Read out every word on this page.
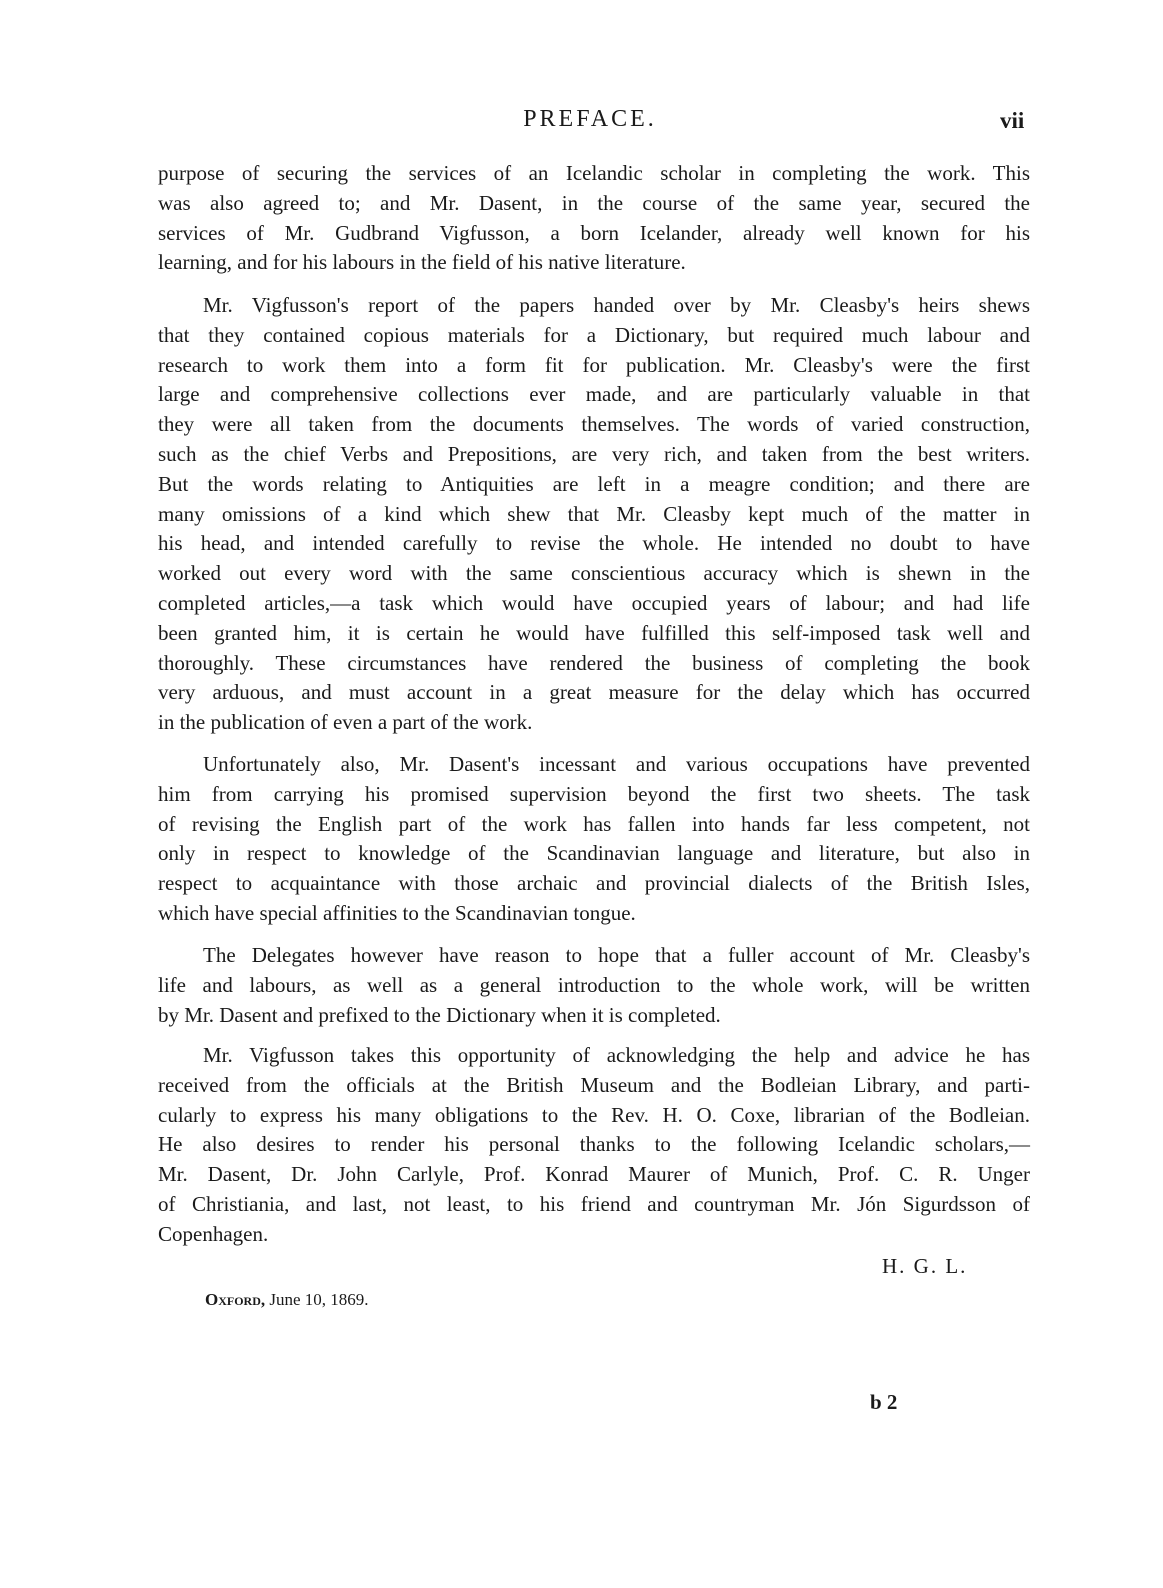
PREFACE.	vii
purpose of securing the services of an Icelandic scholar in completing the work. This
was also agreed to; and Mr. Dasent, in the course of the same year, secured the
services of Mr. Gudbrand Vigfusson, a born Icelander, already well known for his
learning, and for his labours in the field of his native literature.
Mr. Vigfusson's report of the papers handed over by Mr. Cleasby's heirs shews
that they contained copious materials for a Dictionary, but required much labour and
research to work them into a form fit for publication. Mr. Cleasby's were the first
large and comprehensive collections ever made, and are particularly valuable in that
they were all taken from the documents themselves. The words of varied construction,
such as the chief Verbs and Prepositions, are very rich, and taken from the best writers.
But the words relating to Antiquities are left in a meagre condition; and there are
many omissions of a kind which shew that Mr. Cleasby kept much of the matter in
his head, and intended carefully to revise the whole. He intended no doubt to have
worked out every word with the same conscientious accuracy which is shewn in the
completed articles,—a task which would have occupied years of labour; and had life
been granted him, it is certain he would have fulfilled this self-imposed task well and
thoroughly. These circumstances have rendered the business of completing the book
very arduous, and must account in a great measure for the delay which has occurred
in the publication of even a part of the work.
Unfortunately also, Mr. Dasent's incessant and various occupations have prevented
him from carrying his promised supervision beyond the first two sheets. The task
of revising the English part of the work has fallen into hands far less competent, not
only in respect to knowledge of the Scandinavian language and literature, but also in
respect to acquaintance with those archaic and provincial dialects of the British Isles,
which have special affinities to the Scandinavian tongue.
The Delegates however have reason to hope that a fuller account of Mr. Cleasby's
life and labours, as well as a general introduction to the whole work, will be written
by Mr. Dasent and prefixed to the Dictionary when it is completed.
Mr. Vigfusson takes this opportunity of acknowledging the help and advice he has
received from the officials at the British Museum and the Bodleian Library, and parti-
cularly to express his many obligations to the Rev. H. O. Coxe, librarian of the Bodleian.
He also desires to render his personal thanks to the following Icelandic scholars,—
Mr. Dasent, Dr. John Carlyle, Prof. Konrad Maurer of Munich, Prof. C. R. Unger
of Christiania, and last, not least, to his friend and countryman Mr. Jón Sigurdsson of
Copenhagen.
H. G. L.
Oxford, June 10, 1869.
b 2
